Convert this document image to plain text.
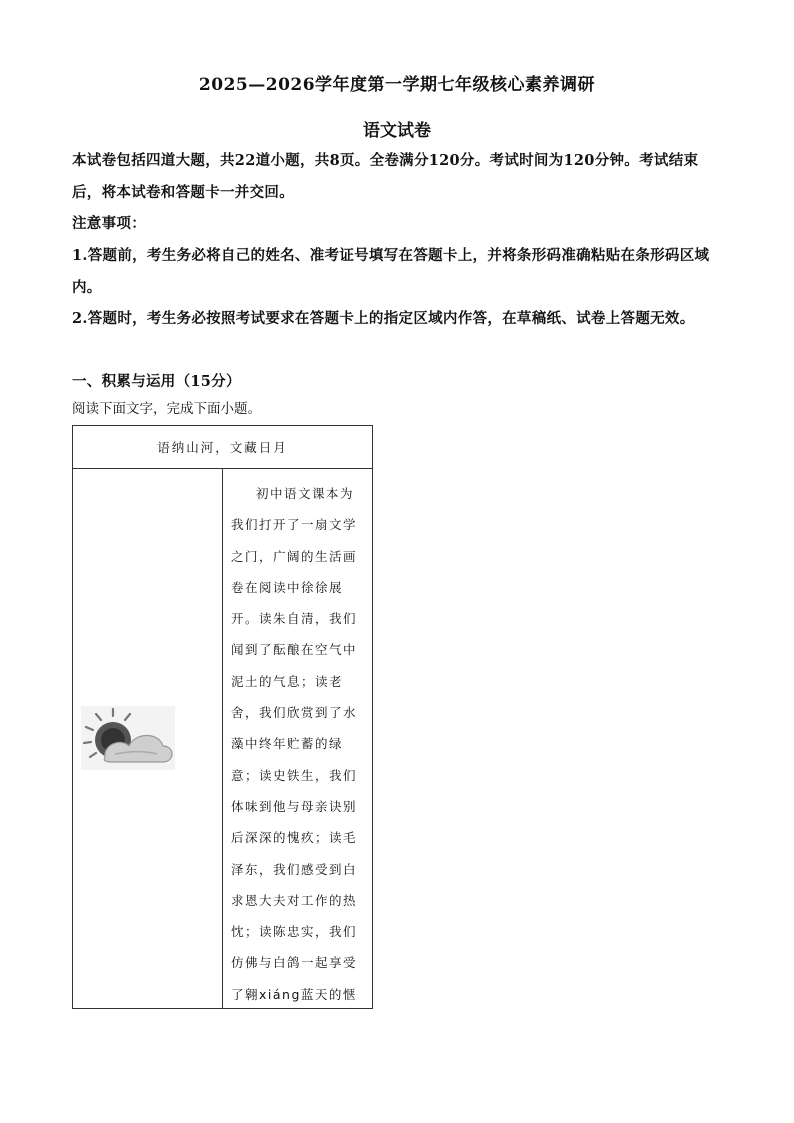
2025—2026学年度第一学期七年级核心素养调研
语文试卷

本试卷包括四道大题，共22道小题，共8页。全卷满分120分。考试时间为120分钟。考试结束后，将本试卷和答题卡一并交回。

注意事项：

1.答题前，考生务必将自己的姓名、准考证号填写在答题卡上，并将条形码准确粘贴在条形码区域内。

2.答题时，考生务必按照考试要求在答题卡上的指定区域内作答，在草稿纸、试卷上答题无效。

一、积累与运用（15分）

阅读下面文字，完成下面小题。

语纳山河，文藏日月
初中语文课本为我们打开了一扇文学之门，广阔的生活画卷在阅读中徐徐展开。读朱自清，我们闻到了酝酿在空气中泥土的气息；读老舍，我们欣赏到了水藻中终年贮蓄的绿意；读史铁生，我们体味到他与母亲诀别后深深的愧疚；读毛泽东，我们感受到白求恩大夫对工作的热忱；读陈忠实，我们仿佛与白鸽一起享受了翱xiáng蓝天的惬
